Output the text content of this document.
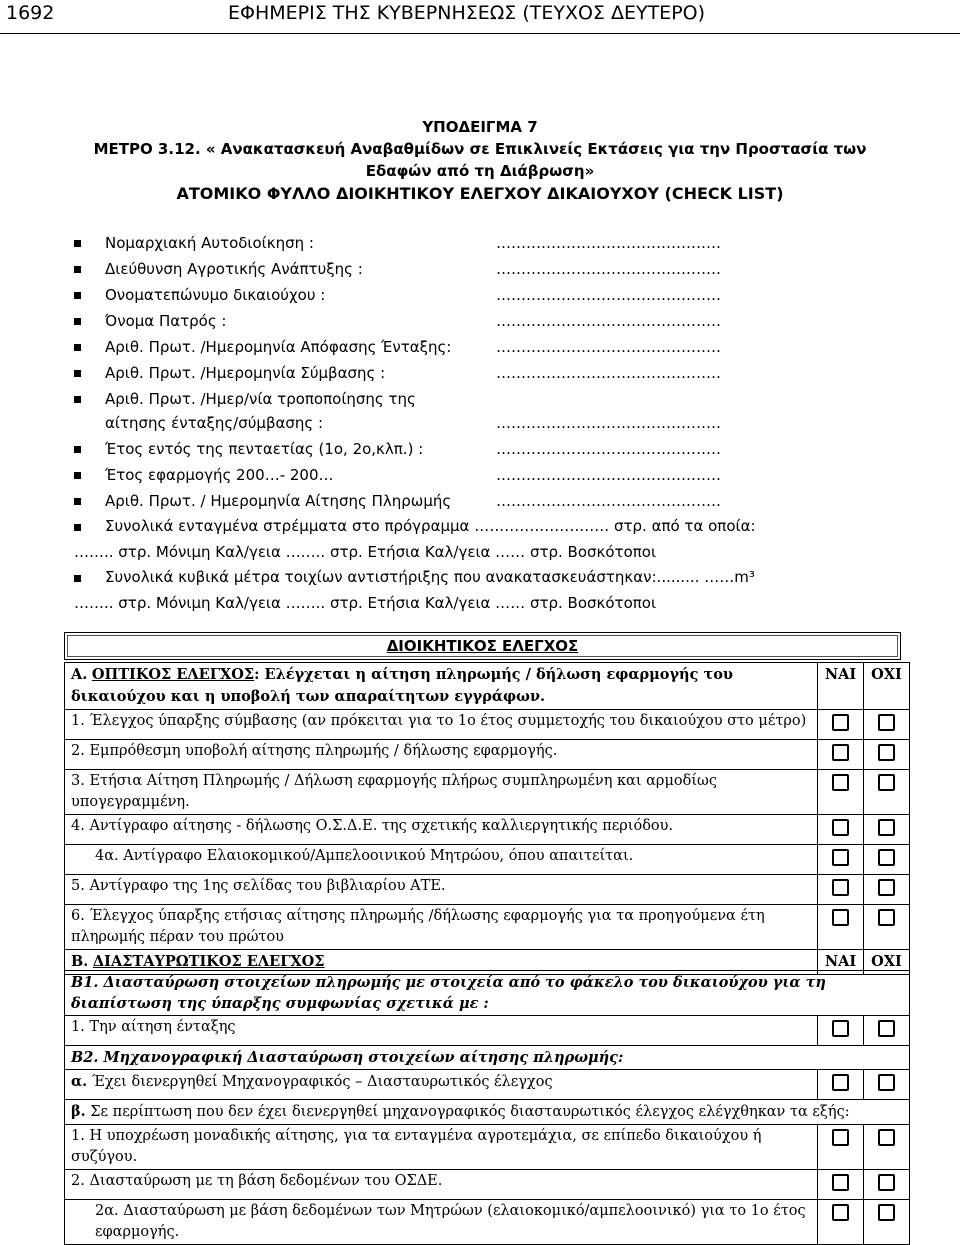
1692	ΕΦΗΜΕΡΙΣ ΤΗΣ ΚΥΒΕΡΝΗΣΕΩΣ (ΤΕΥΧΟΣ ΔΕΥΤΕΡΟ)
ΥΠΟΔΕΙΓΜΑ 7
ΜΕΤΡΟ 3.12. « Ανακατασκευή Αναβαθμίδων σε Επικλινείς Εκτάσεις για την Προστασία των
Εδαφών από τη Διάβρωση»
ΑΤΟΜΙΚΟ ΦΥΛΛΟ ΔΙΟΙΚΗΤΙΚΟΥ ΕΛΕΓΧΟΥ ΔΙΚΑΙΟΥΧΟΥ (CHECK LIST)
Νομαρχιακή Αυτοδιοίκηση :	………………………………………
Διεύθυνση Αγροτικής Ανάπτυξης :	………………………………………
Ονοματεπώνυμο δικαιούχου :	………………………………………
Όνομα Πατρός :	………………………………………
Αριθ. Πρωτ. /Ημερομηνία Απόφασης Ένταξης:	………………………………………
Αριθ. Πρωτ. /Ημερομηνία Σύμβασης :	………………………………………
Αριθ. Πρωτ. /Ημερ/νία τροποποίησης της
αίτησης ένταξης/σύμβασης :	………………………………………
Έτος εντός της πενταετίας (1ο, 2ο,κλπ.) :	………………………………………
Έτος εφαρμογής 200…- 200…	………………………………………
Αριθ. Πρωτ. / Ημερομηνία Αίτησης Πληρωμής	………………………………………
Συνολικά ενταγμένα στρέμματα στο πρόγραμμα ……………………… στρ. από τα οποία:
…….. στρ. Μόνιμη Καλ/γεια …….. στρ. Ετήσια Καλ/γεια …… στρ. Βοσκότοποι
Συνολικά κυβικά μέτρα τοιχίων αντιστήριξης που ανακατασκευάστηκαν:......... ……m³
…….. στρ. Μόνιμη Καλ/γεια …….. στρ. Ετήσια Καλ/γεια …… στρ. Βοσκότοποι
ΔΙΟΙΚΗΤΙΚΟΣ ΕΛΕΓΧΟΣ
Α. ΟΠΤΙΚΟΣ ΕΛΕΓΧΟΣ: Ελέγχεται η αίτηση πληρωμής / δήλωση εφαρμογής του δικαιούχου και η υποβολή των απαραίτητων εγγράφων.	ΝΑΙ	ΟΧΙ
1. Έλεγχος ύπαρξης σύμβασης (αν πρόκειται για το 1ο έτος συμμετοχής του δικαιούχου στο μέτρο)		
2. Εμπρόθεσμη υποβολή αίτησης πληρωμής / δήλωσης εφαρμογής.		
3. Ετήσια Αίτηση Πληρωμής / Δήλωση εφαρμογής πλήρως συμπληρωμένη και αρμοδίως υπογεγραμμένη.		
4. Αντίγραφο αίτησης - δήλωσης Ο.Σ.Δ.Ε. της σχετικής καλλιεργητικής περιόδου.		
4α. Αντίγραφο Ελαιοκομικού/Αμπελοοινικού Μητρώου, όπου απαιτείται.		
5. Αντίγραφο της 1ης σελίδας του βιβλιαρίου ΑΤΕ.		
6. Έλεγχος ύπαρξης ετήσιας αίτησης πληρωμής /δήλωσης εφαρμογής για τα προηγούμενα έτη πληρωμής πέραν του πρώτου		
Β. ΔΙΑΣΤΑΥΡΩΤΙΚΟΣ ΕΛΕΓΧΟΣ	ΝΑΙ	ΟΧΙ
Β1. Διασταύρωση στοιχείων πληρωμής με στοιχεία από το φάκελο του δικαιούχου για τη διαπίστωση της ύπαρξης συμφωνίας σχετικά με :		
1. Την αίτηση ένταξης		
Β2. Μηχανογραφική Διασταύρωση στοιχείων αίτησης πληρωμής:		
α. Έχει διενεργηθεί Μηχανογραφικός – Διασταυρωτικός έλεγχος		
β. Σε περίπτωση που δεν έχει διενεργηθεί μηχανογραφικός διασταυρωτικός έλεγχος ελέγχθηκαν τα εξής:		
1. Η υποχρέωση μοναδικής αίτησης, για τα ενταγμένα αγροτεμάχια, σε επίπεδο δικαιούχου ή συζύγου.		
2. Διασταύρωση με τη βάση δεδομένων του ΟΣΔΕ.		
2α. Διασταύρωση με βάση δεδομένων των Μητρώων (ελαιοκομικό/αμπελοοινικό) για το 1ο έτος εφαρμογής.		
